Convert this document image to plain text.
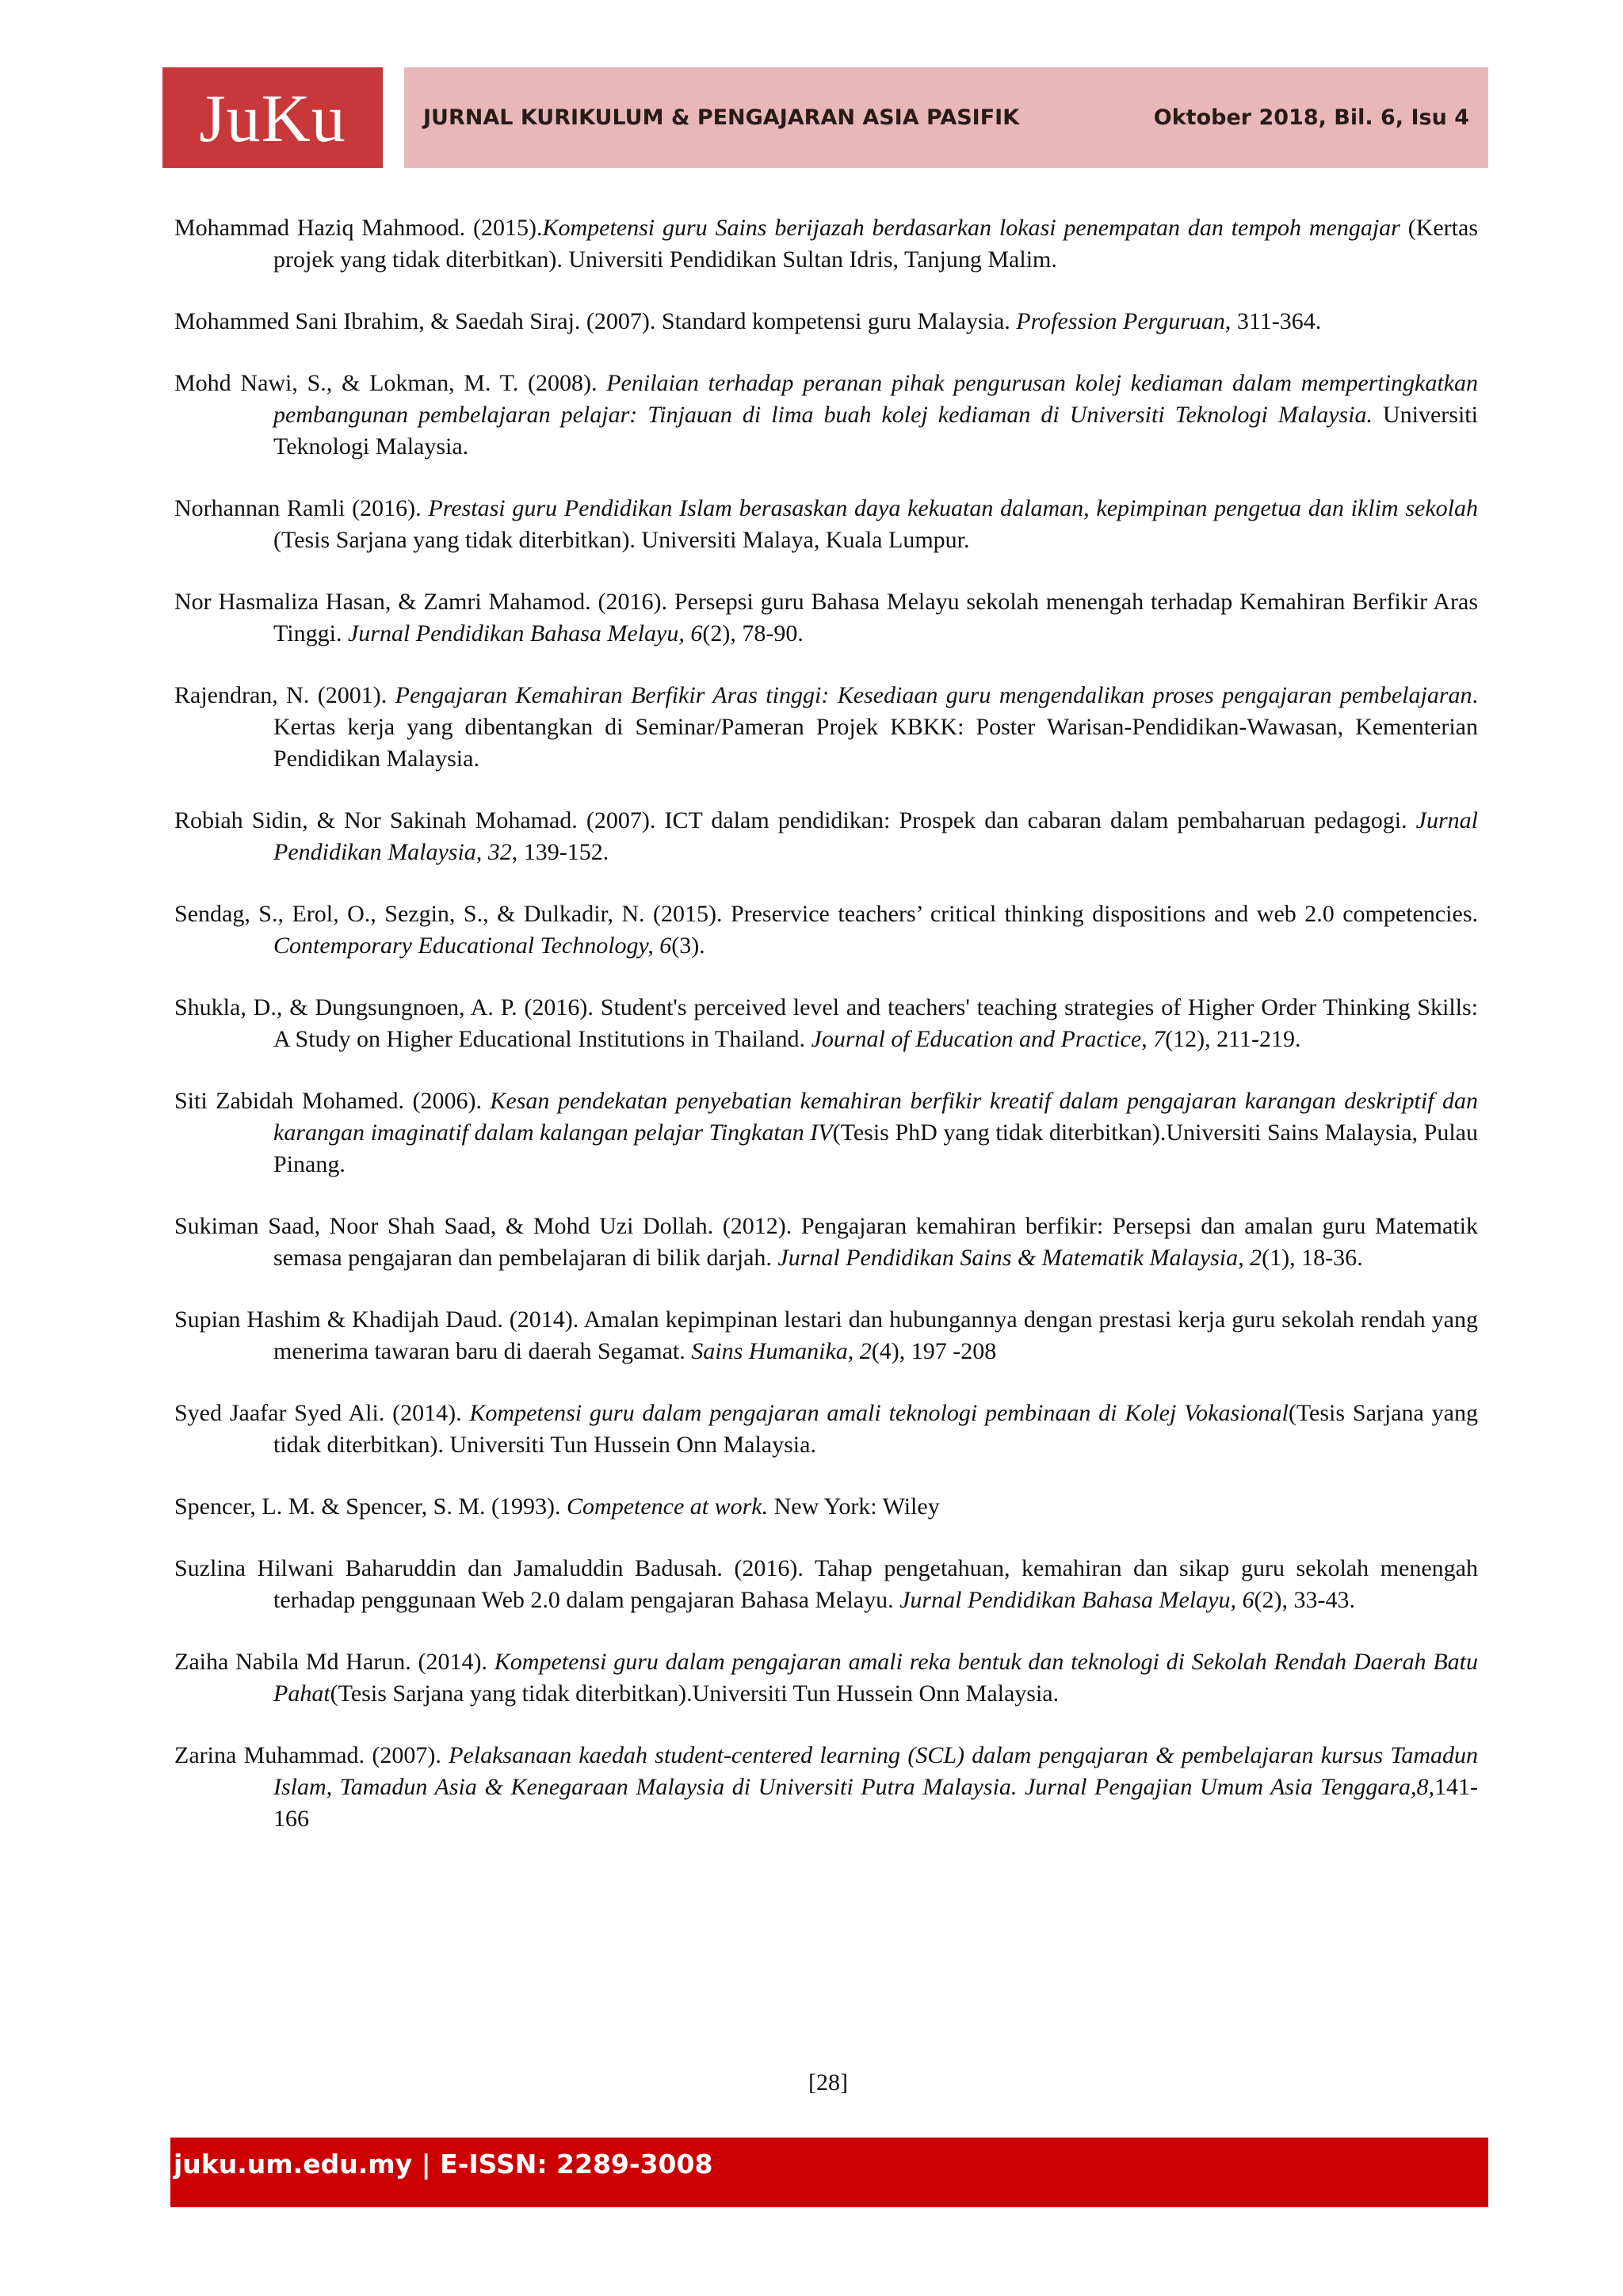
JuKu	JURNAL KURIKULUM & PENGAJARAN ASIA PASIFIK	Oktober 2018, Bil. 6, Isu 4

Mohammad Haziq Mahmood. (2015).Kompetensi guru Sains berijazah berdasarkan lokasi penempatan dan tempoh mengajar (Kertas projek yang tidak diterbitkan). Universiti Pendidikan Sultan Idris, Tanjung Malim.

Mohammed Sani Ibrahim, & Saedah Siraj. (2007). Standard kompetensi guru Malaysia. Profession Perguruan, 311-364.

Mohd Nawi, S., & Lokman, M. T. (2008). Penilaian terhadap peranan pihak pengurusan kolej kediaman dalam mempertingkatkan pembangunan pembelajaran pelajar: Tinjauan di lima buah kolej kediaman di Universiti Teknologi Malaysia. Universiti Teknologi Malaysia.

Norhannan Ramli (2016). Prestasi guru Pendidikan Islam berasaskan daya kekuatan dalaman, kepimpinan pengetua dan iklim sekolah (Tesis Sarjana yang tidak diterbitkan). Universiti Malaya, Kuala Lumpur.

Nor Hasmaliza Hasan, & Zamri Mahamod. (2016). Persepsi guru Bahasa Melayu sekolah menengah terhadap Kemahiran Berfikir Aras Tinggi. Jurnal Pendidikan Bahasa Melayu, 6(2), 78-90.

Rajendran, N. (2001). Pengajaran Kemahiran Berfikir Aras tinggi: Kesediaan guru mengendalikan proses pengajaran pembelajaran. Kertas kerja yang dibentangkan di Seminar/Pameran Projek KBKK: Poster Warisan-Pendidikan-Wawasan, Kementerian Pendidikan Malaysia.

Robiah Sidin, & Nor Sakinah Mohamad. (2007). ICT dalam pendidikan: Prospek dan cabaran dalam pembaharuan pedagogi. Jurnal Pendidikan Malaysia, 32, 139-152.

Sendag, S., Erol, O., Sezgin, S., & Dulkadir, N. (2015). Preservice teachers’ critical thinking dispositions and web 2.0 competencies. Contemporary Educational Technology, 6(3).

Shukla, D., & Dungsungnoen, A. P. (2016). Student's perceived level and teachers' teaching strategies of Higher Order Thinking Skills: A Study on Higher Educational Institutions in Thailand. Journal of Education and Practice, 7(12), 211-219.

Siti Zabidah Mohamed. (2006). Kesan pendekatan penyebatian kemahiran berfikir kreatif dalam pengajaran karangan deskriptif dan karangan imaginatif dalam kalangan pelajar Tingkatan IV(Tesis PhD yang tidak diterbitkan).Universiti Sains Malaysia, Pulau Pinang.

Sukiman Saad, Noor Shah Saad, & Mohd Uzi Dollah. (2012). Pengajaran kemahiran berfikir: Persepsi dan amalan guru Matematik semasa pengajaran dan pembelajaran di bilik darjah. Jurnal Pendidikan Sains & Matematik Malaysia, 2(1), 18-36.

Supian Hashim & Khadijah Daud. (2014). Amalan kepimpinan lestari dan hubungannya dengan prestasi kerja guru sekolah rendah yang menerima tawaran baru di daerah Segamat. Sains Humanika, 2(4), 197 -208

Syed Jaafar Syed Ali. (2014). Kompetensi guru dalam pengajaran amali teknologi pembinaan di Kolej Vokasional(Tesis Sarjana yang tidak diterbitkan). Universiti Tun Hussein Onn Malaysia.

Spencer, L. M. & Spencer, S. M. (1993). Competence at work. New York: Wiley

Suzlina Hilwani Baharuddin dan Jamaluddin Badusah. (2016). Tahap pengetahuan, kemahiran dan sikap guru sekolah menengah terhadap penggunaan Web 2.0 dalam pengajaran Bahasa Melayu. Jurnal Pendidikan Bahasa Melayu, 6(2), 33-43.

Zaiha Nabila Md Harun. (2014). Kompetensi guru dalam pengajaran amali reka bentuk dan teknologi di Sekolah Rendah Daerah Batu Pahat(Tesis Sarjana yang tidak diterbitkan).Universiti Tun Hussein Onn Malaysia.

Zarina Muhammad. (2007). Pelaksanaan kaedah student-centered learning (SCL) dalam pengajaran & pembelajaran kursus Tamadun Islam, Tamadun Asia & Kenegaraan Malaysia di Universiti Putra Malaysia. Jurnal Pengajian Umum Asia Tenggara,8,141-166

[28]
juku.um.edu.my | E-ISSN: 2289-3008
